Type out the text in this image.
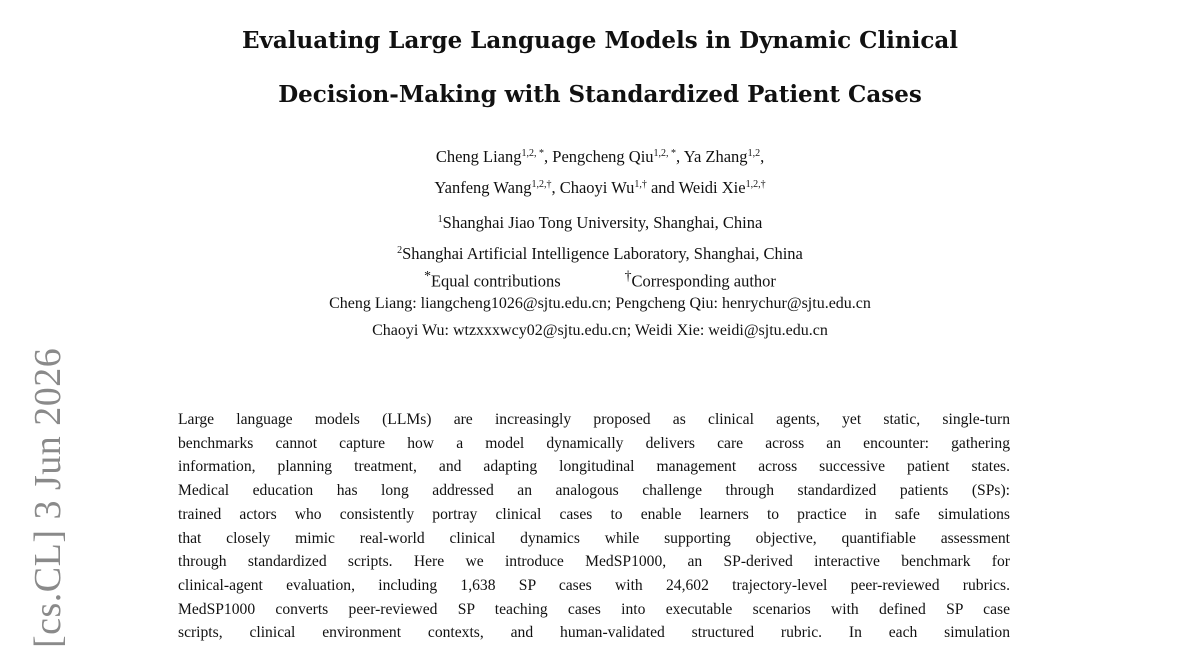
[cs.CL] 3 Jun 2026
Evaluating Large Language Models in Dynamic Clinical
Decision-Making with Standardized Patient Cases
Cheng Liang$^{1,2, *}$, Pengcheng Qiu$^{1,2, *}$, Ya Zhang$^{1,2}$,
Yanfeng Wang$^{1,2,\dagger}$, Chaoyi $Wu^{1,\dagger}$ and Weidi Xie$^{1,2,\dagger}$
$^1$Shanghai Jiao Tong University, Shanghai, China
$^2$Shanghai Artificial Intelligence Laboratory, Shanghai, China
*Equal contributions	†Corresponding author
Cheng Liang: liangcheng1026@sjtu.edu.cn; Pengcheng Qiu: henrychur@sjtu.edu.cn
Chaoyi Wu: wtzxxxwcy02@sjtu.edu.cn; Weidi Xie: weidi@sjtu.edu.cn
Large language models (LLMs) are increasingly proposed as clinical agents, yet static, single-turn
benchmarks cannot capture how a model dynamically delivers care across an encounter: gathering
information, planning treatment, and adapting longitudinal management across successive patient states.
Medical education has long addressed an analogous challenge through standardized patients (SPs):
trained actors who consistently portray clinical cases to enable learners to practice in safe simulations
that closely mimic real-world clinical dynamics while supporting objective, quantifiable assessment
through standardized scripts. Here we introduce MedSP1000, an SP-derived interactive benchmark for
clinical-agent evaluation, including 1,638 SP cases with 24,602 trajectory-level peer-reviewed rubrics.
MedSP1000 converts peer-reviewed SP teaching cases into executable scenarios with defined SP case
scripts, clinical environment contexts, and human-validated structured rubric. In each simulation
